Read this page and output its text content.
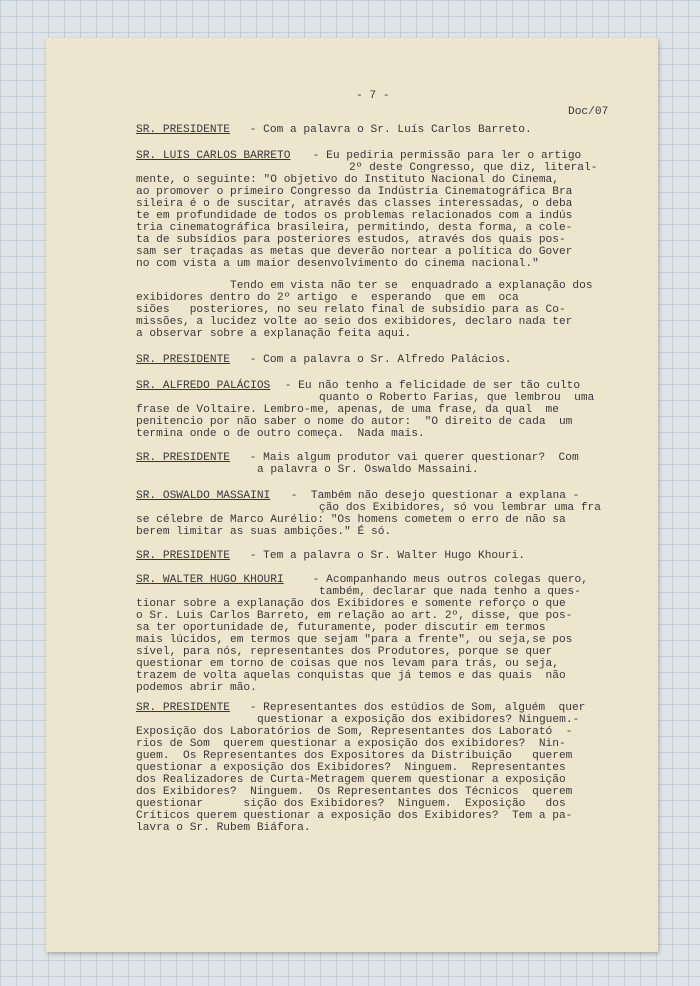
- 7 -
Doc/07
SR. PRESIDENTE - Com a palavra o Sr. Luís Carlos Barreto.
SR. LUIS CARLOS BARRETO - Eu pediria permissão para ler o artigo
2º deste Congresso, que diz, literal-
mente, o seguinte: "O objetivo do Instituto Nacional do Cinema,
ao promover o primeiro Congresso da Indústria Cinematográfica Bra
sileira é o de suscitar, através das classes interessadas, o deba
te em profundidade de todos os problemas relacionados com a indús
tria cinematográfica brasileira, permitindo, desta forma, a cole-
ta de subsídios para posteriores estudos, através dos quais pos-
sam ser traçadas as metas que deverão nortear a política do Gover
no com vista a um maior desenvolvimento do cinema nacional."
Tendo em vista não ter se  enquadrado a explanação dos
exibidores dentro do 2º artigo  e  esperando  que em  oca
siões   posteriores, no seu relato final de subsídio para as Co-
missões, a lucidez volte ao seio dos exibidores, declaro nada ter
a observar sobre a explanação feita aqui.
SR. PRESIDENTE - Com a palavra o Sr. Alfredo Palácios.
SR. ALFREDO PALÁCIOS - Eu não tenho a felicidade de ser tão culto
quanto o Roberto Farias, que lembrou  uma
frase de Voltaire. Lembro-me, apenas, de uma frase, da qual  me
penitencio por não saber o nome do autor:  "O direito de cada  um
termina onde o de outro começa.  Nada mais.
SR. PRESIDENTE - Mais algum produtor vai querer questionar?  Com
a palavra o Sr. Oswaldo Massaini.
SR. OSWALDO MASSAINI -  Também não desejo questionar a explana -
ção dos Exibidores, só vou lembrar uma fra
se célebre de Marco Aurélio: "Os homens cometem o erro de não sa
berem limitar as suas ambições." É só.
SR. PRESIDENTE - Tem a palavra o Sr. Walter Hugo Khouri.
SR. WALTER HUGO KHOURI - Acompanhando meus outros colegas quero,
também, declarar que nada tenho a ques-
tionar sobre a explanação dos Exibidores e somente reforço o que
o Sr. Luis Carlos Barreto, em relação ao art. 2º, disse, que pos-
sa ter oportunidade de, futuramente, poder discutir em termos
mais lúcidos, em termos que sejam "para a frente", ou seja,se pos
sível, para nós, representantes dos Produtores, porque se quer
questionar em torno de coisas que nos levam para trás, ou seja,
trazem de volta aquelas conquistas que já temos e das quais  não
podemos abrir mão.
SR. PRESIDENTE - Representantes dos estúdios de Som, alguém  quer
questionar a exposição dos exibidores? Ninguem.-
Exposição dos Laboratórios de Som, Representantes dos Laborató  -
rios de Som  querem questionar a exposição dos exibidores?  Nin-
guem.  Os Representantes dos Expositores da Distribuição   querem
questionar a exposição dos Exibidores?  Ninguem.  Representantes
dos Realizadores de Curta-Metragem querem questionar a exposição
dos Exibidores?  Ninguem.  Os Representantes dos Técnicos  querem
questionar      sição dos Exibidores?  Ninguem.  Exposição   dos
Críticos querem questionar a exposição dos Exibidores?  Tem a pa-
lavra o Sr. Rubem Biáfora.
